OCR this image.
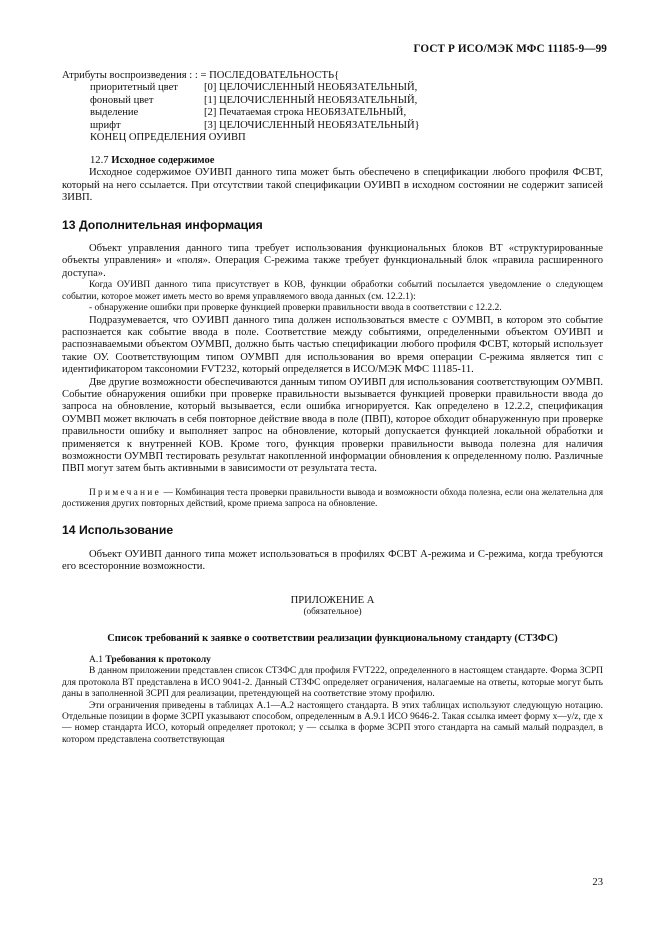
ГОСТ Р ИСО/МЭК МФС 11185-9—99

Атрибуты воспроизведения : : = ПОСЛЕДОВАТЕЛЬНОСТЬ{

приоритетный цвет	[0] ЦЕЛОЧИСЛЕННЫЙ НЕОБЯЗАТЕЛЬНЫЙ,
фоновый цвет	[1] ЦЕЛОЧИСЛЕННЫЙ НЕОБЯЗАТЕЛЬНЫЙ,
выделение	[2] Печатаемая строка НЕОБЯЗАТЕЛЬНЫЙ,
шрифт	[3] ЦЕЛОЧИСЛЕННЫЙ НЕОБЯЗАТЕЛЬНЫЙ}

КОНЕЦ ОПРЕДЕЛЕНИЯ ОУИВП

12.7 Исходное содержимое

Исходное содержимое ОУИВП данного типа может быть обеспечено в спецификации любого профиля ФСВТ, который на него ссылается. При отсутствии такой спецификации ОУИВП в исходном состоянии не содержит записей ЗИВП.

13 Дополнительная информация

Объект управления данного типа требует использования функциональных блоков ВТ «структурированные объекты управления» и «поля». Операция С-режима также требует функциональный блок «правила расширенного доступа».

Когда ОУИВП данного типа присутствует в КОВ, функции обработки событий посылается уведомление о следующем событии, которое может иметь место во время управляемого ввода данных (см. 12.2.1):

- обнаружение ошибки при проверке функцией проверки правильности ввода в соответствии с 12.2.2.

Подразумевается, что ОУИВП данного типа должен использоваться вместе с ОУМВП, в котором это событие распознается как событие ввода в поле. Соответствие между событиями, определенными объектом ОУИВП и распознаваемыми объектом ОУМВП, должно быть частью спецификации любого профиля ФСВТ, который использует такие ОУ. Соответствующим типом ОУМВП для использования во время операции С-режима является тип с идентификатором таксономии FVT232, который определяется в ИСО/МЭК МФС 11185-11.

Две другие возможности обеспечиваются данным типом ОУИВП для использования соответствующим ОУМВП. Событие обнаружения ошибки при проверке правильности вызывается функцией проверки правильности ввода до запроса на обновление, который вызывается, если ошибка игнорируется. Как определено в 12.2.2, спецификация ОУМВП может включать в себя повторное действие ввода в поле (ПВП), которое обходит обнаруженную при проверке правильности ошибку и выполняет запрос на обновление, который допускается функцией локальной обработки и применяется к внутренней КОВ. Кроме того, функция проверки правильности вывода полезна для наличия возможности ОУМВП тестировать результат накопленной информации обновления к определенному полю. Различные ПВП могут затем быть активными в зависимости от результата теста.

Примечание — Комбинация теста проверки правильности вывода и возможности обхода полезна, если она желательна для достижения других повторных действий, кроме приема запроса на обновление.

14 Использование

Объект ОУИВП данного типа может использоваться в профилях ФСВТ А-режима и С-режима, когда требуются его всесторонние возможности.

ПРИЛОЖЕНИЕ А
(обязательное)
Список требований к заявке о соответствии реализации функциональному стандарту (СТЗФС)
А.1 Требования к протоколу

В данном приложении представлен список СТЗФС для профиля FVT222, определенного в настоящем стандарте. Форма ЗСРП для протокола ВТ представлена в ИСО 9041-2. Данный СТЗФС определяет ограничения, налагаемые на ответы, которые могут быть даны в заполненной ЗСРП для реализации, претендующей на соответствие этому профилю.

Эти ограничения приведены в таблицах А.1—А.2 настоящего стандарта. В этих таблицах используют следующую нотацию. Отдельные позиции в форме ЗСРП указывают способом, определенным в А.9.1 ИСО 9646-2. Такая ссылка имеет форму x—y/z, где x — номер стандарта ИСО, который определяет протокол; y — ссылка в форме ЗСРП этого стандарта на самый малый подраздел, в котором представлена соответствующая

23
